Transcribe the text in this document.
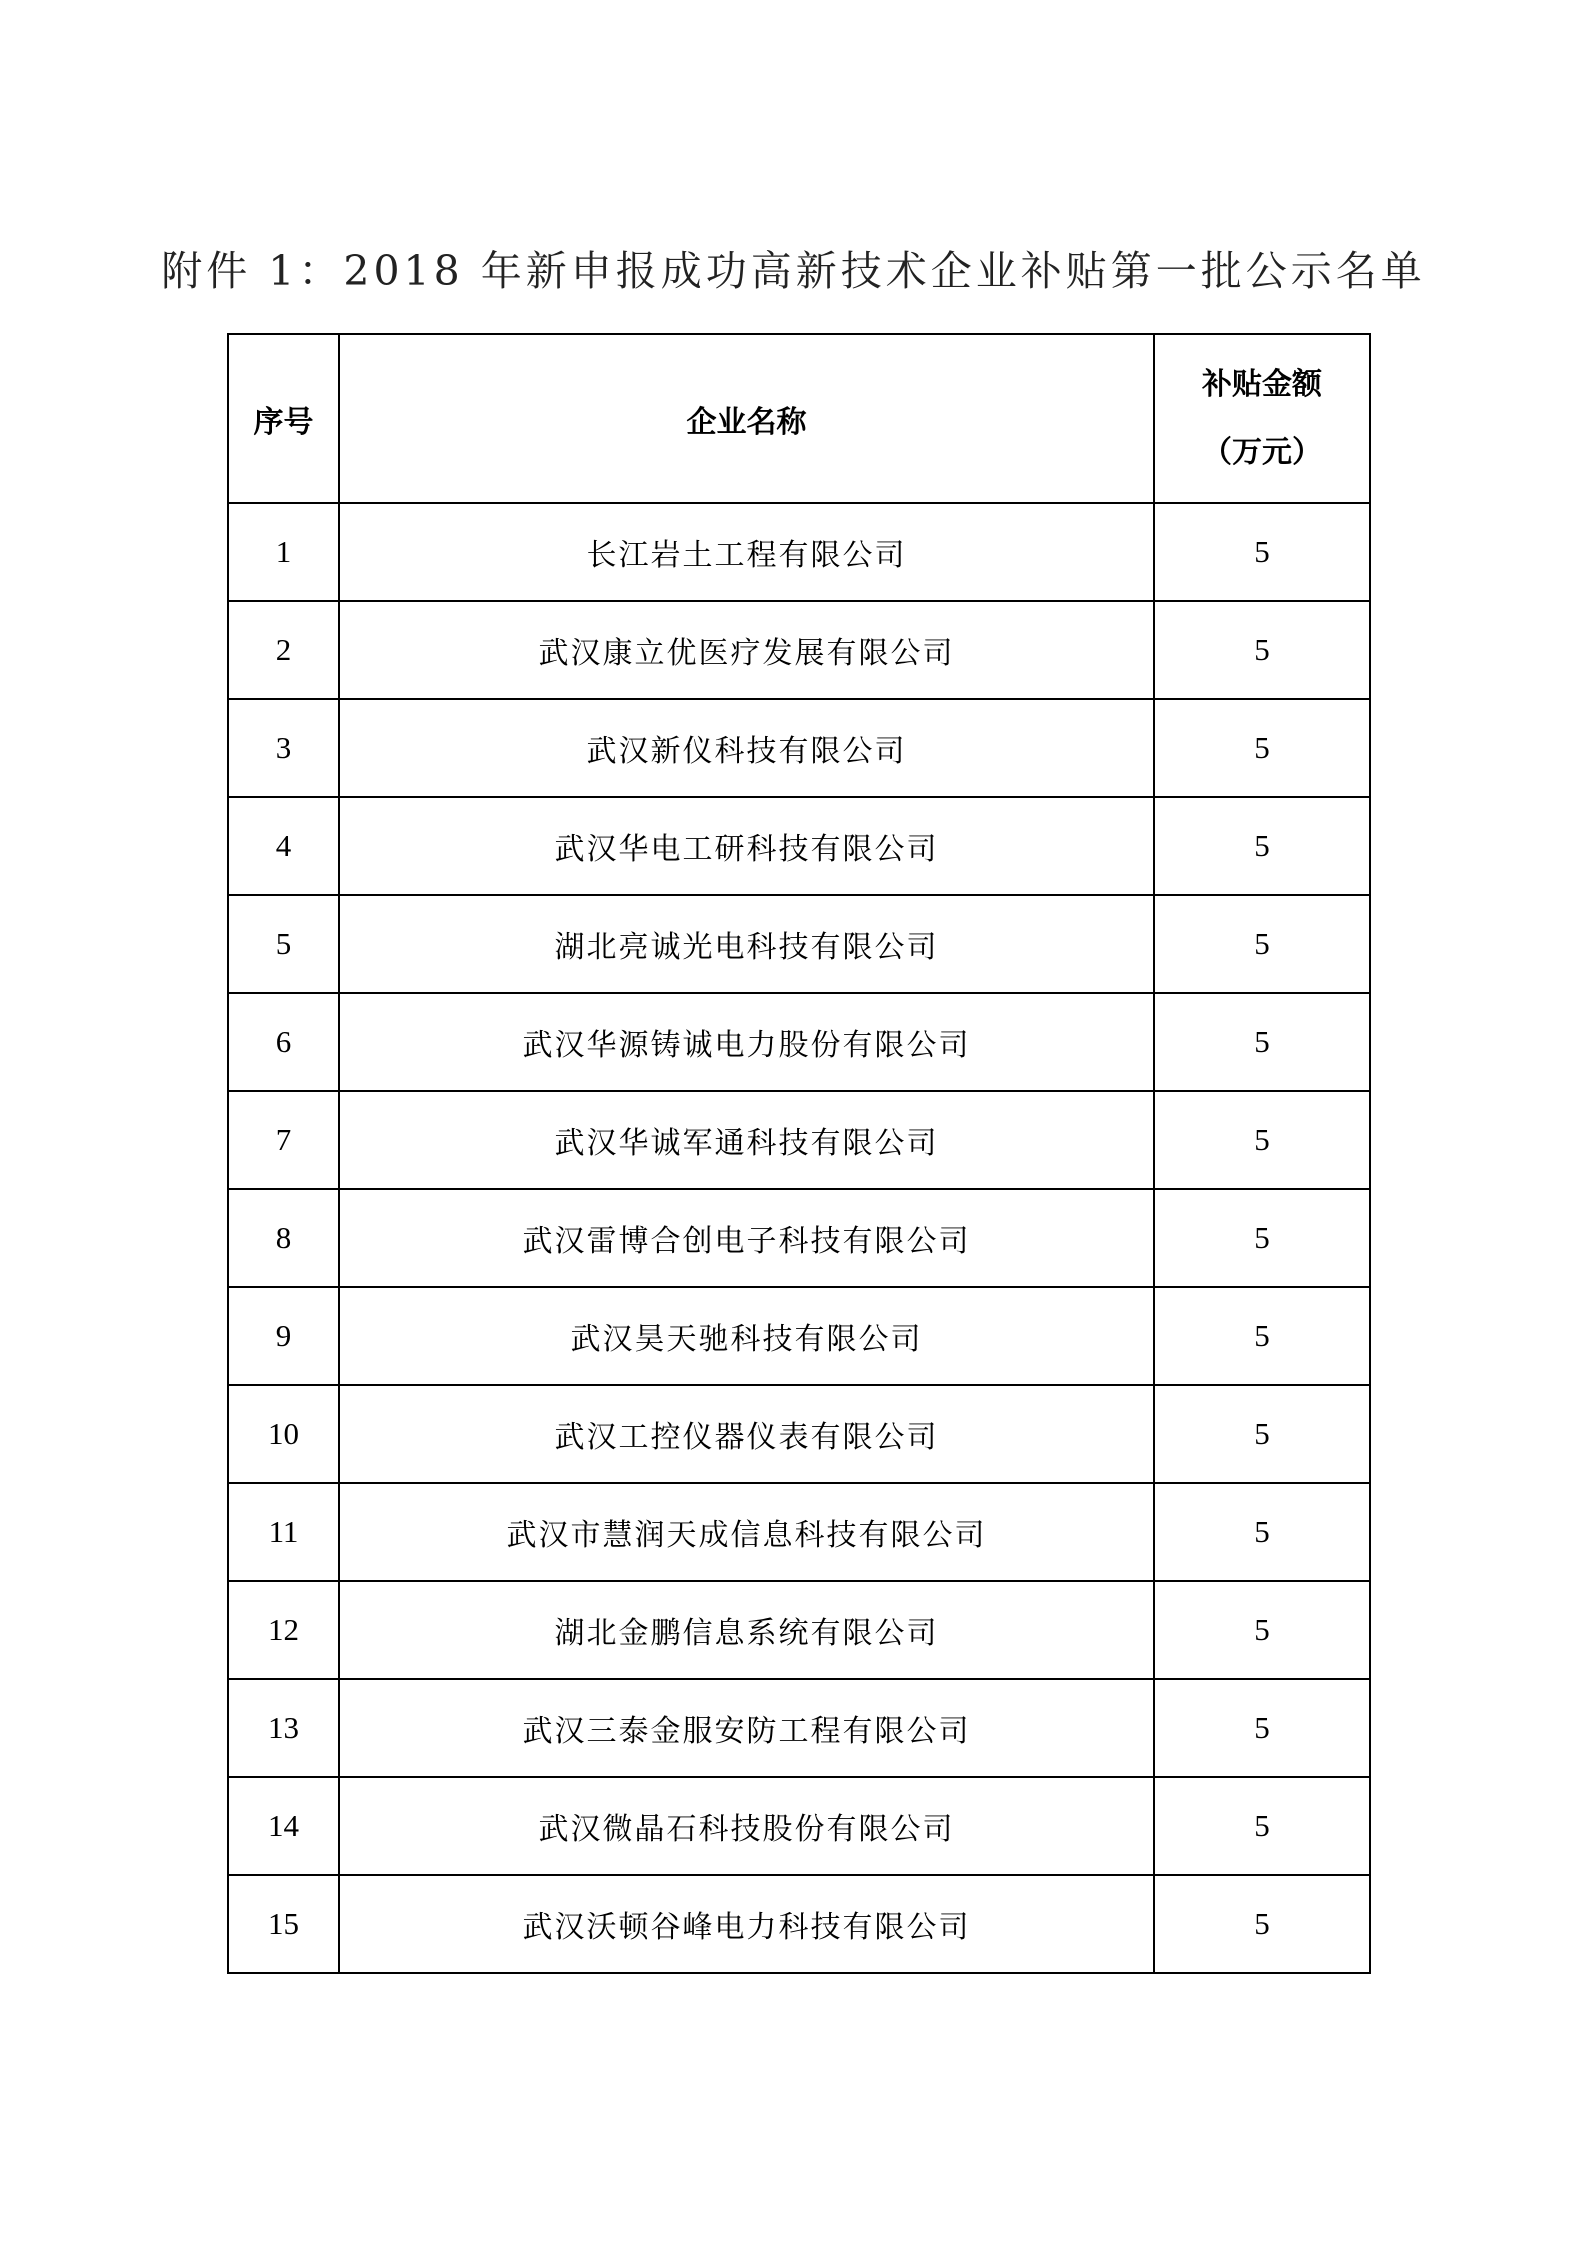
附件 1：2018 年新申报成功高新技术企业补贴第一批公示名单
序号	企业名称	补贴金额
（万元）

1	长江岩土工程有限公司	5
2	武汉康立优医疗发展有限公司	5
3	武汉新仪科技有限公司	5
4	武汉华电工研科技有限公司	5
5	湖北亮诚光电科技有限公司	5
6	武汉华源铸诚电力股份有限公司	5
7	武汉华诚军通科技有限公司	5
8	武汉雷博合创电子科技有限公司	5
9	武汉昊天驰科技有限公司	5
10	武汉工控仪器仪表有限公司	5
11	武汉市慧润天成信息科技有限公司	5
12	湖北金鹏信息系统有限公司	5
13	武汉三泰金服安防工程有限公司	5
14	武汉微晶石科技股份有限公司	5
15	武汉沃顿谷峰电力科技有限公司	5
